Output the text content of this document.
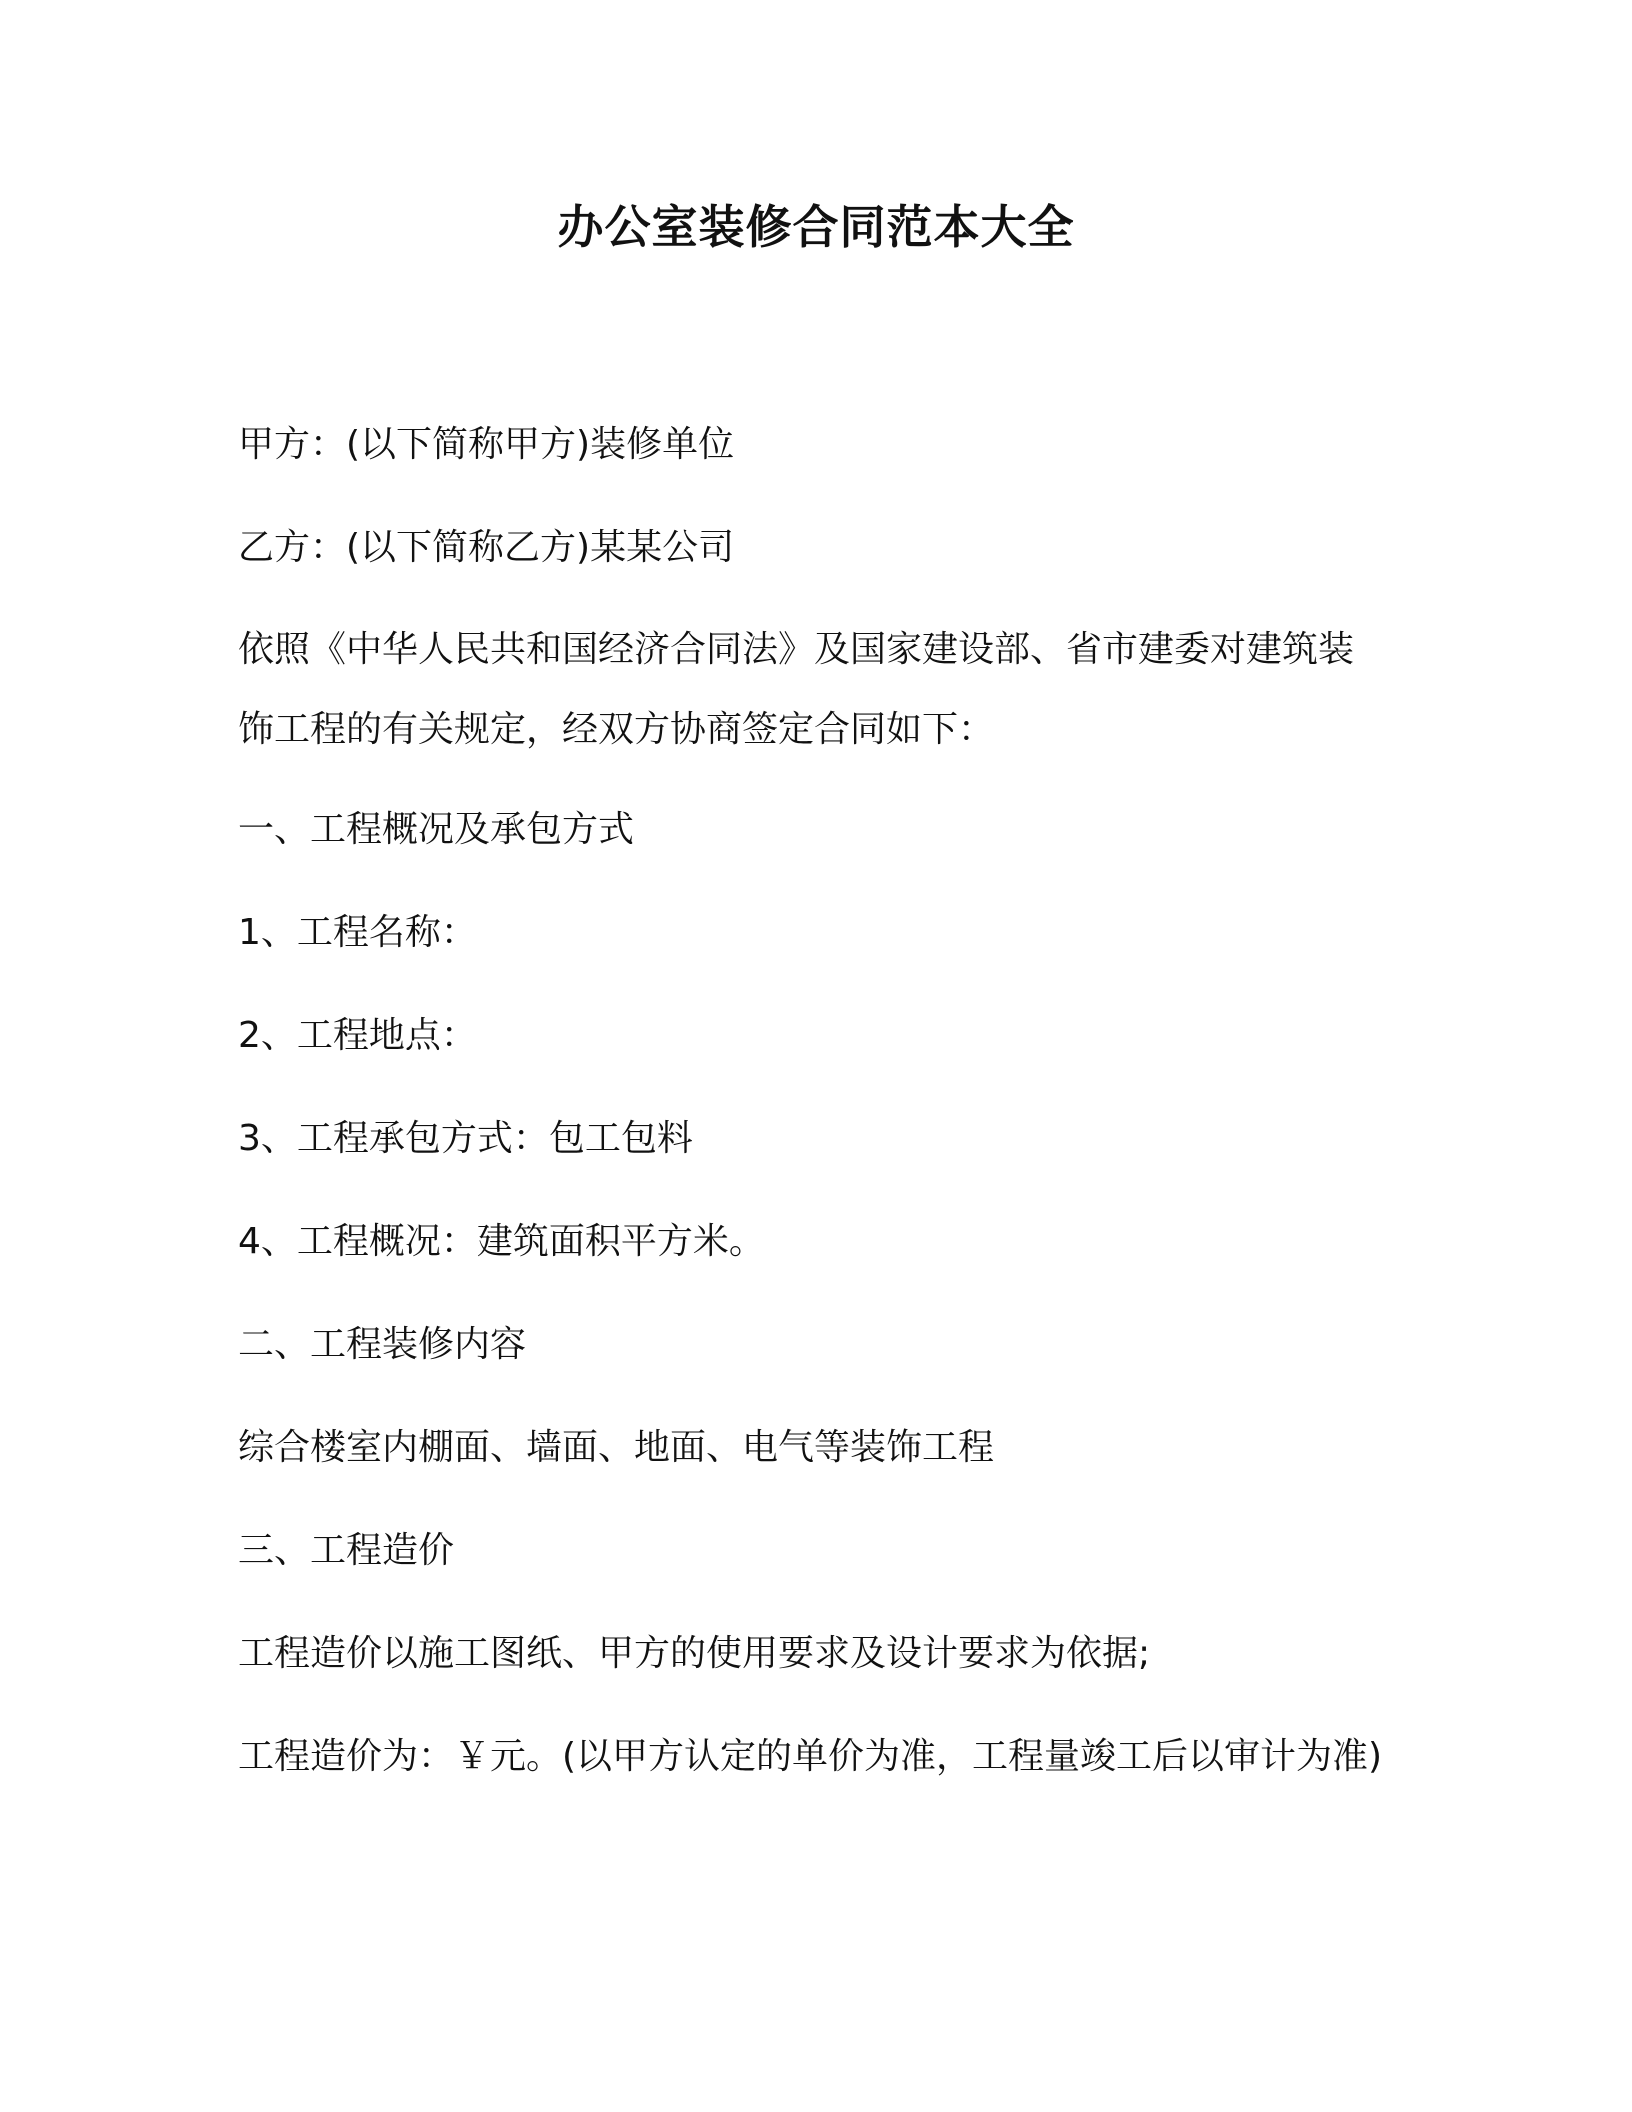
办公室装修合同范本大全

甲方：(以下简称甲方)装修单位

乙方：(以下简称乙方)某某公司

依照《中华人民共和国经济合同法》及国家建设部、省市建委对建筑装饰工程的有关规定，经双方协商签定合同如下：

一、工程概况及承包方式

1、工程名称：

2、工程地点：

3、工程承包方式：包工包料

4、工程概况：建筑面积平方米。

二、工程装修内容

综合楼室内棚面、墙面、地面、电气等装饰工程

三、工程造价

工程造价以施工图纸、甲方的使用要求及设计要求为依据;

工程造价为：￥元。(以甲方认定的单价为准，工程量竣工后以审计为准)
